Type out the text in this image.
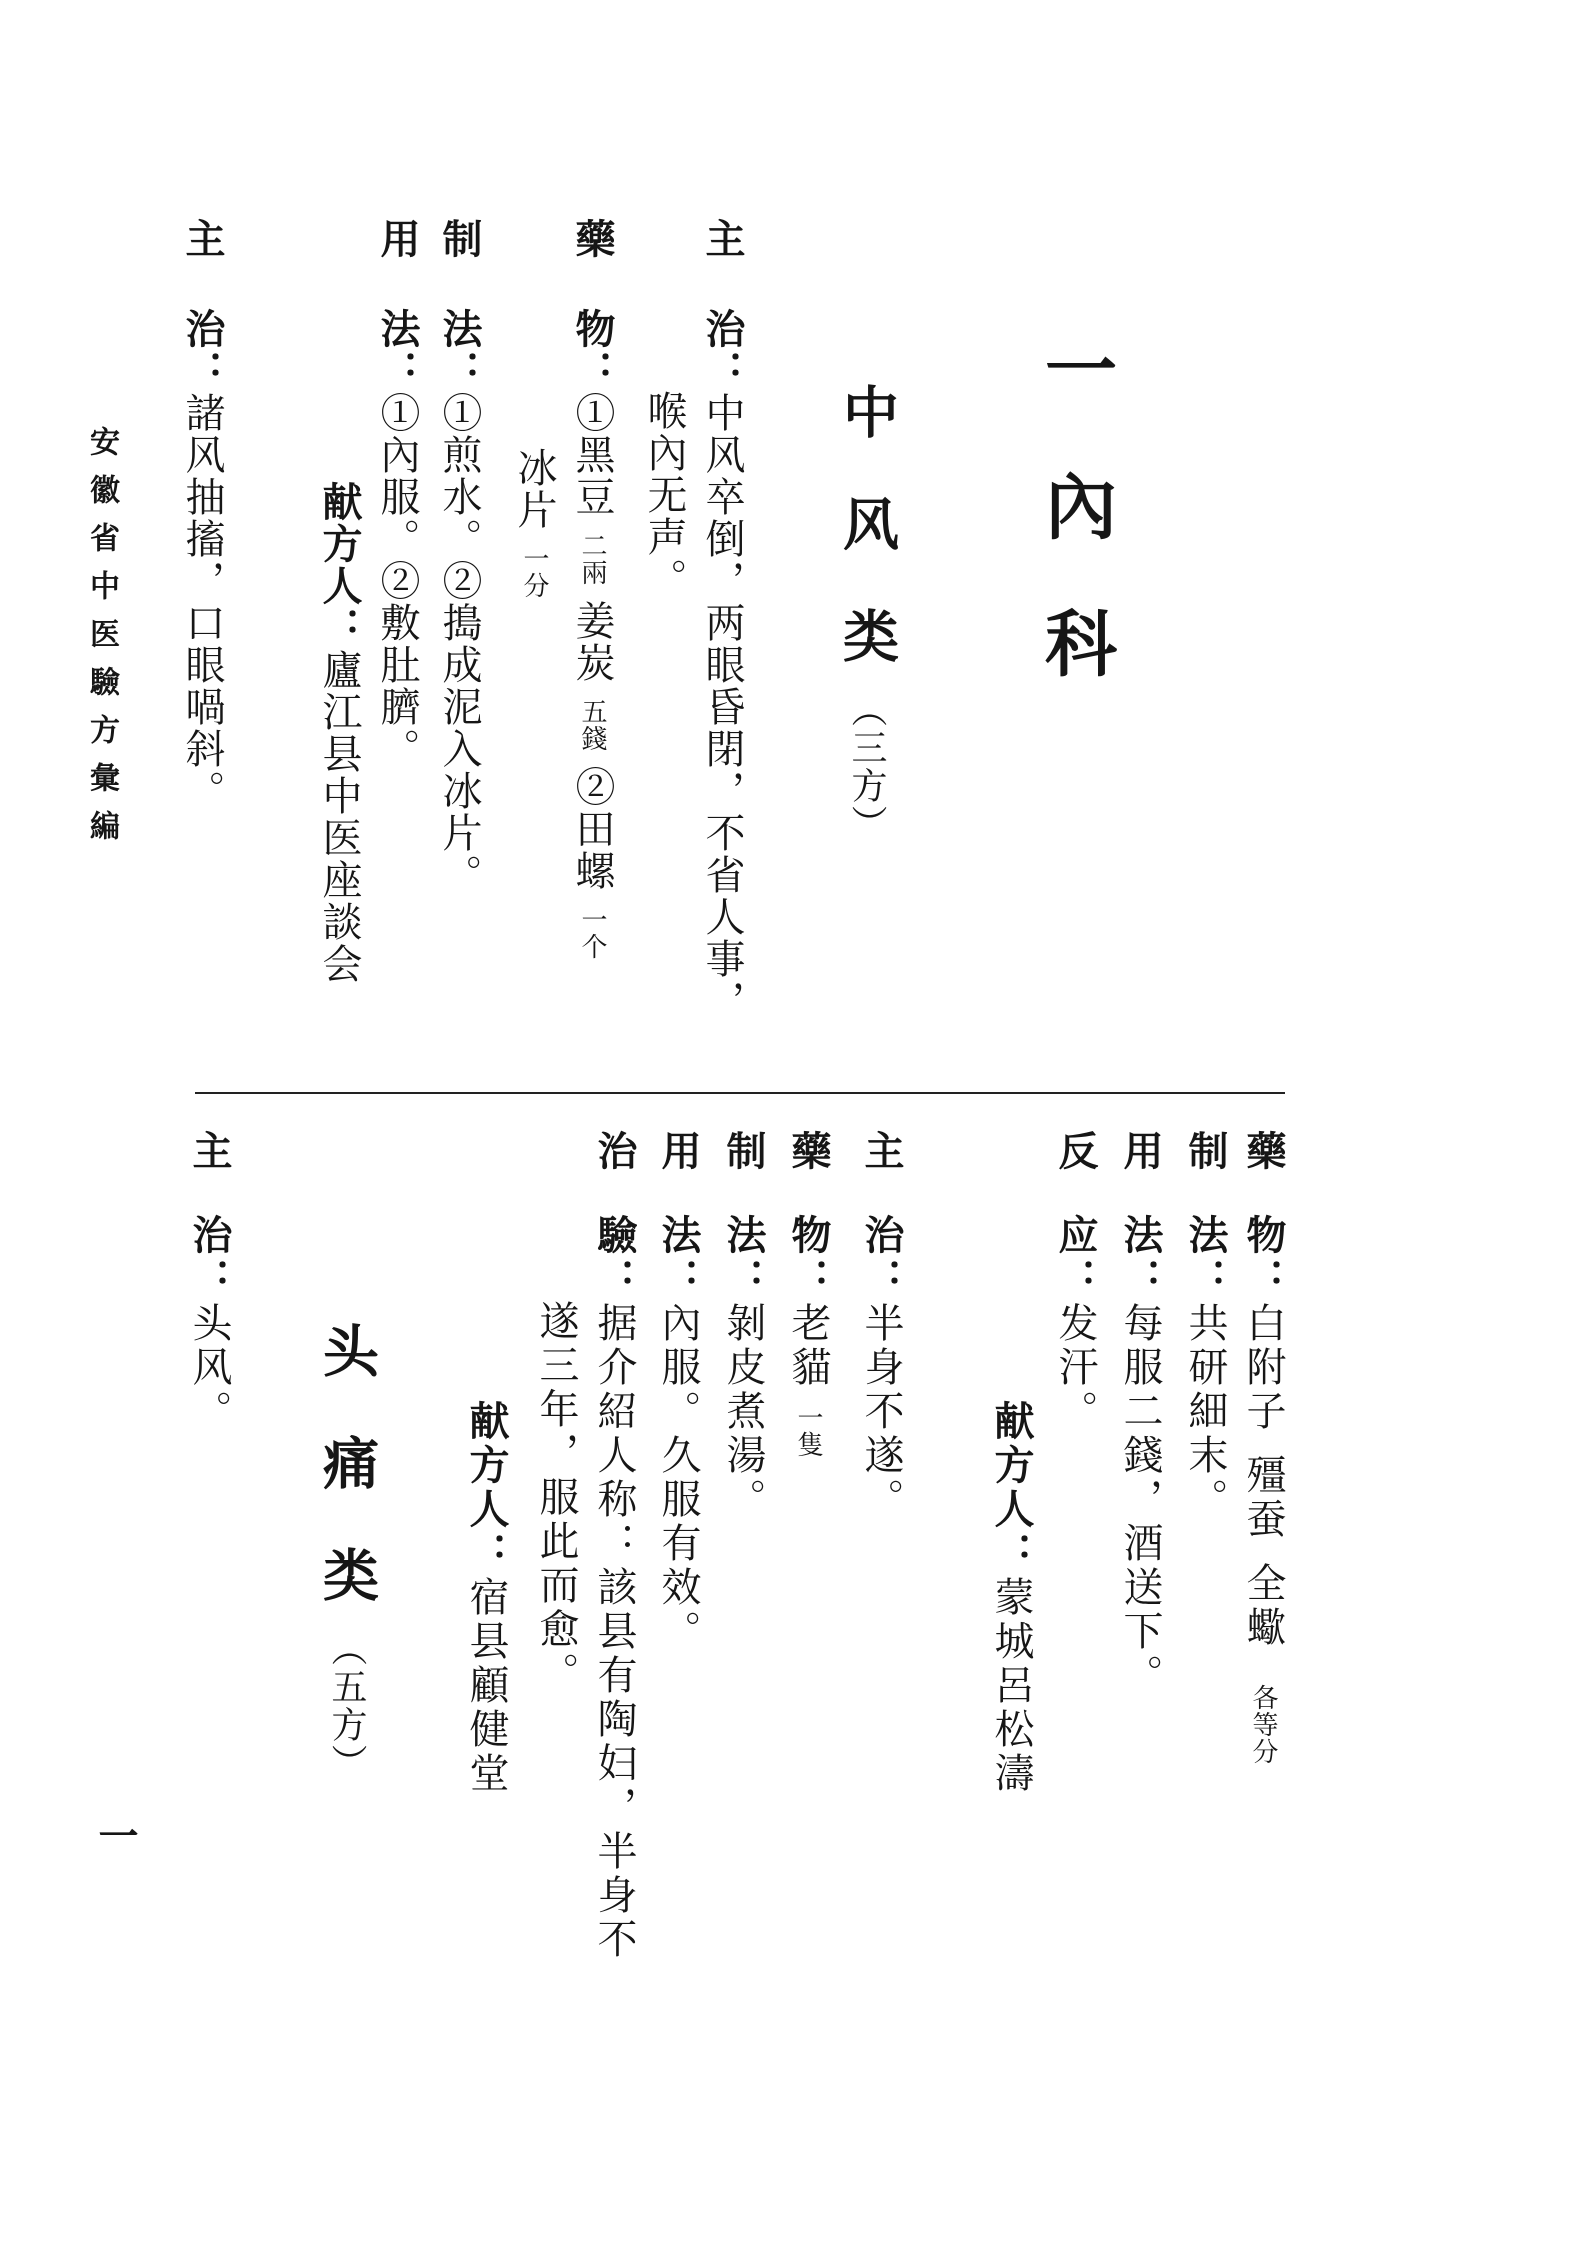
一內科
中风类（三方）
主治：中风卒倒，两眼昏閉，不省人事，
喉內无声。
藥物：①黑豆二兩姜炭五錢②田螺一个
冰片一分
制法：①煎水。②搗成泥入冰片。
用法：①內服。②敷肚臍。
献方人：廬江县中医座談会
主治：諸风抽搐，口眼喎斜。
安徽省中医驗方彙編
藥物：白附子殭蚕全蠍各等分
制法：共研細末。
用法：每服二錢，酒送下。
反应：发汗。
献方人：蒙城呂松濤
主治：半身不遂。
藥物：老貓一隻
制法：剝皮煮湯。
用法：內服。久服有效。
治驗：据介紹人称：該县有陶妇，半身不
遂三年，服此而愈。
献方人：宿县顧健堂
头痛类（五方）
主治：头风。
一
